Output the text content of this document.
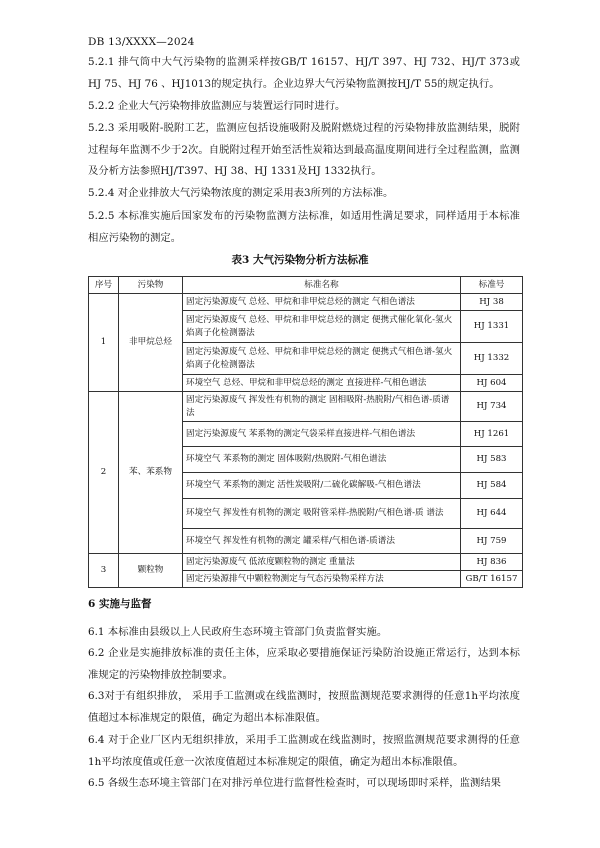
DB 13/XXXX—2024
5.2.1 排气筒中大气污染物的监测采样按GB/T 16157、HJ/T 397、HJ 732、HJ/T 373或HJ 75、HJ 76 、HJ1013的规定执行。企业边界大气污染物监测按HJ/T 55的规定执行。
5.2.2 企业大气污染物排放监测应与装置运行同时进行。
5.2.3 采用吸附-脱附工艺，监测应包括设施吸附及脱附燃烧过程的污染物排放监测结果，脱附过程每年监测不少于2次。自脱附过程开始至活性炭箱达到最高温度期间进行全过程监测，监测及分析方法参照HJ/T397、HJ 38、HJ 1331及HJ 1332执行。
5.2.4 对企业排放大气污染物浓度的测定采用表3所列的方法标准。
5.2.5 本标准实施后国家发布的污染物监测方法标准，如适用性满足要求，同样适用于本标准相应污染物的测定。
表3 大气污染物分析方法标准
序号	污染物	标准名称	标准号
1	非甲烷总烃	固定污染源废气 总烃、甲烷和非甲烷总烃的测定 气相色谱法	HJ 38
		固定污染源废气 总烃、甲烷和非甲烷总烃的测定 便携式催化氧化-氢火焰离子化检测器法	HJ 1331
		固定污染源废气 总烃、甲烷和非甲烷总烃的测定 便携式气相色谱-氢火焰离子化检测器法	HJ 1332
		环境空气 总烃、甲烷和非甲烷总烃的测定 直接进样-气相色谱法	HJ 604
2	苯、苯系物	固定污染源废气 挥发性有机物的测定 固相吸附-热脱附/气相色谱-质谱法	HJ 734
		固定污染源废气 苯系物的测定气袋采样直接进样-气相色谱法	HJ 1261
		环境空气 苯系物的测定 固体吸附/热脱附-气相色谱法	HJ 583
		环境空气 苯系物的测定 活性炭吸附/二硫化碳解吸-气相色谱法	HJ 584
		环境空气 挥发性有机物的测定 吸附管采样-热脱附/气相色谱-质 谱法	HJ 644
		环境空气 挥发性有机物的测定 罐采样/气相色谱-质谱法	HJ 759
3	颗粒物	固定污染源废气 低浓度颗粒物的测定 重量法	HJ 836
		固定污染源排气中颗粒物测定与气态污染物采样方法	GB/T 16157
6 实施与监督
6.1 本标准由县级以上人民政府生态环境主管部门负责监督实施。
6.2 企业是实施排放标准的责任主体，应采取必要措施保证污染防治设施正常运行，达到本标准规定的污染物排放控制要求。
6.3对于有组织排放， 采用手工监测或在线监测时，按照监测规范要求测得的任意1h平均浓度值超过本标准规定的限值，确定为超出本标准限值。
6.4 对于企业厂区内无组织排放，采用手工监测或在线监测时，按照监测规范要求测得的任意1h平均浓度值或任意一次浓度值超过本标准规定的限值，确定为超出本标准限值。
6.5 各级生态环境主管部门在对排污单位进行监督性检查时，可以现场即时采样，监测结果
